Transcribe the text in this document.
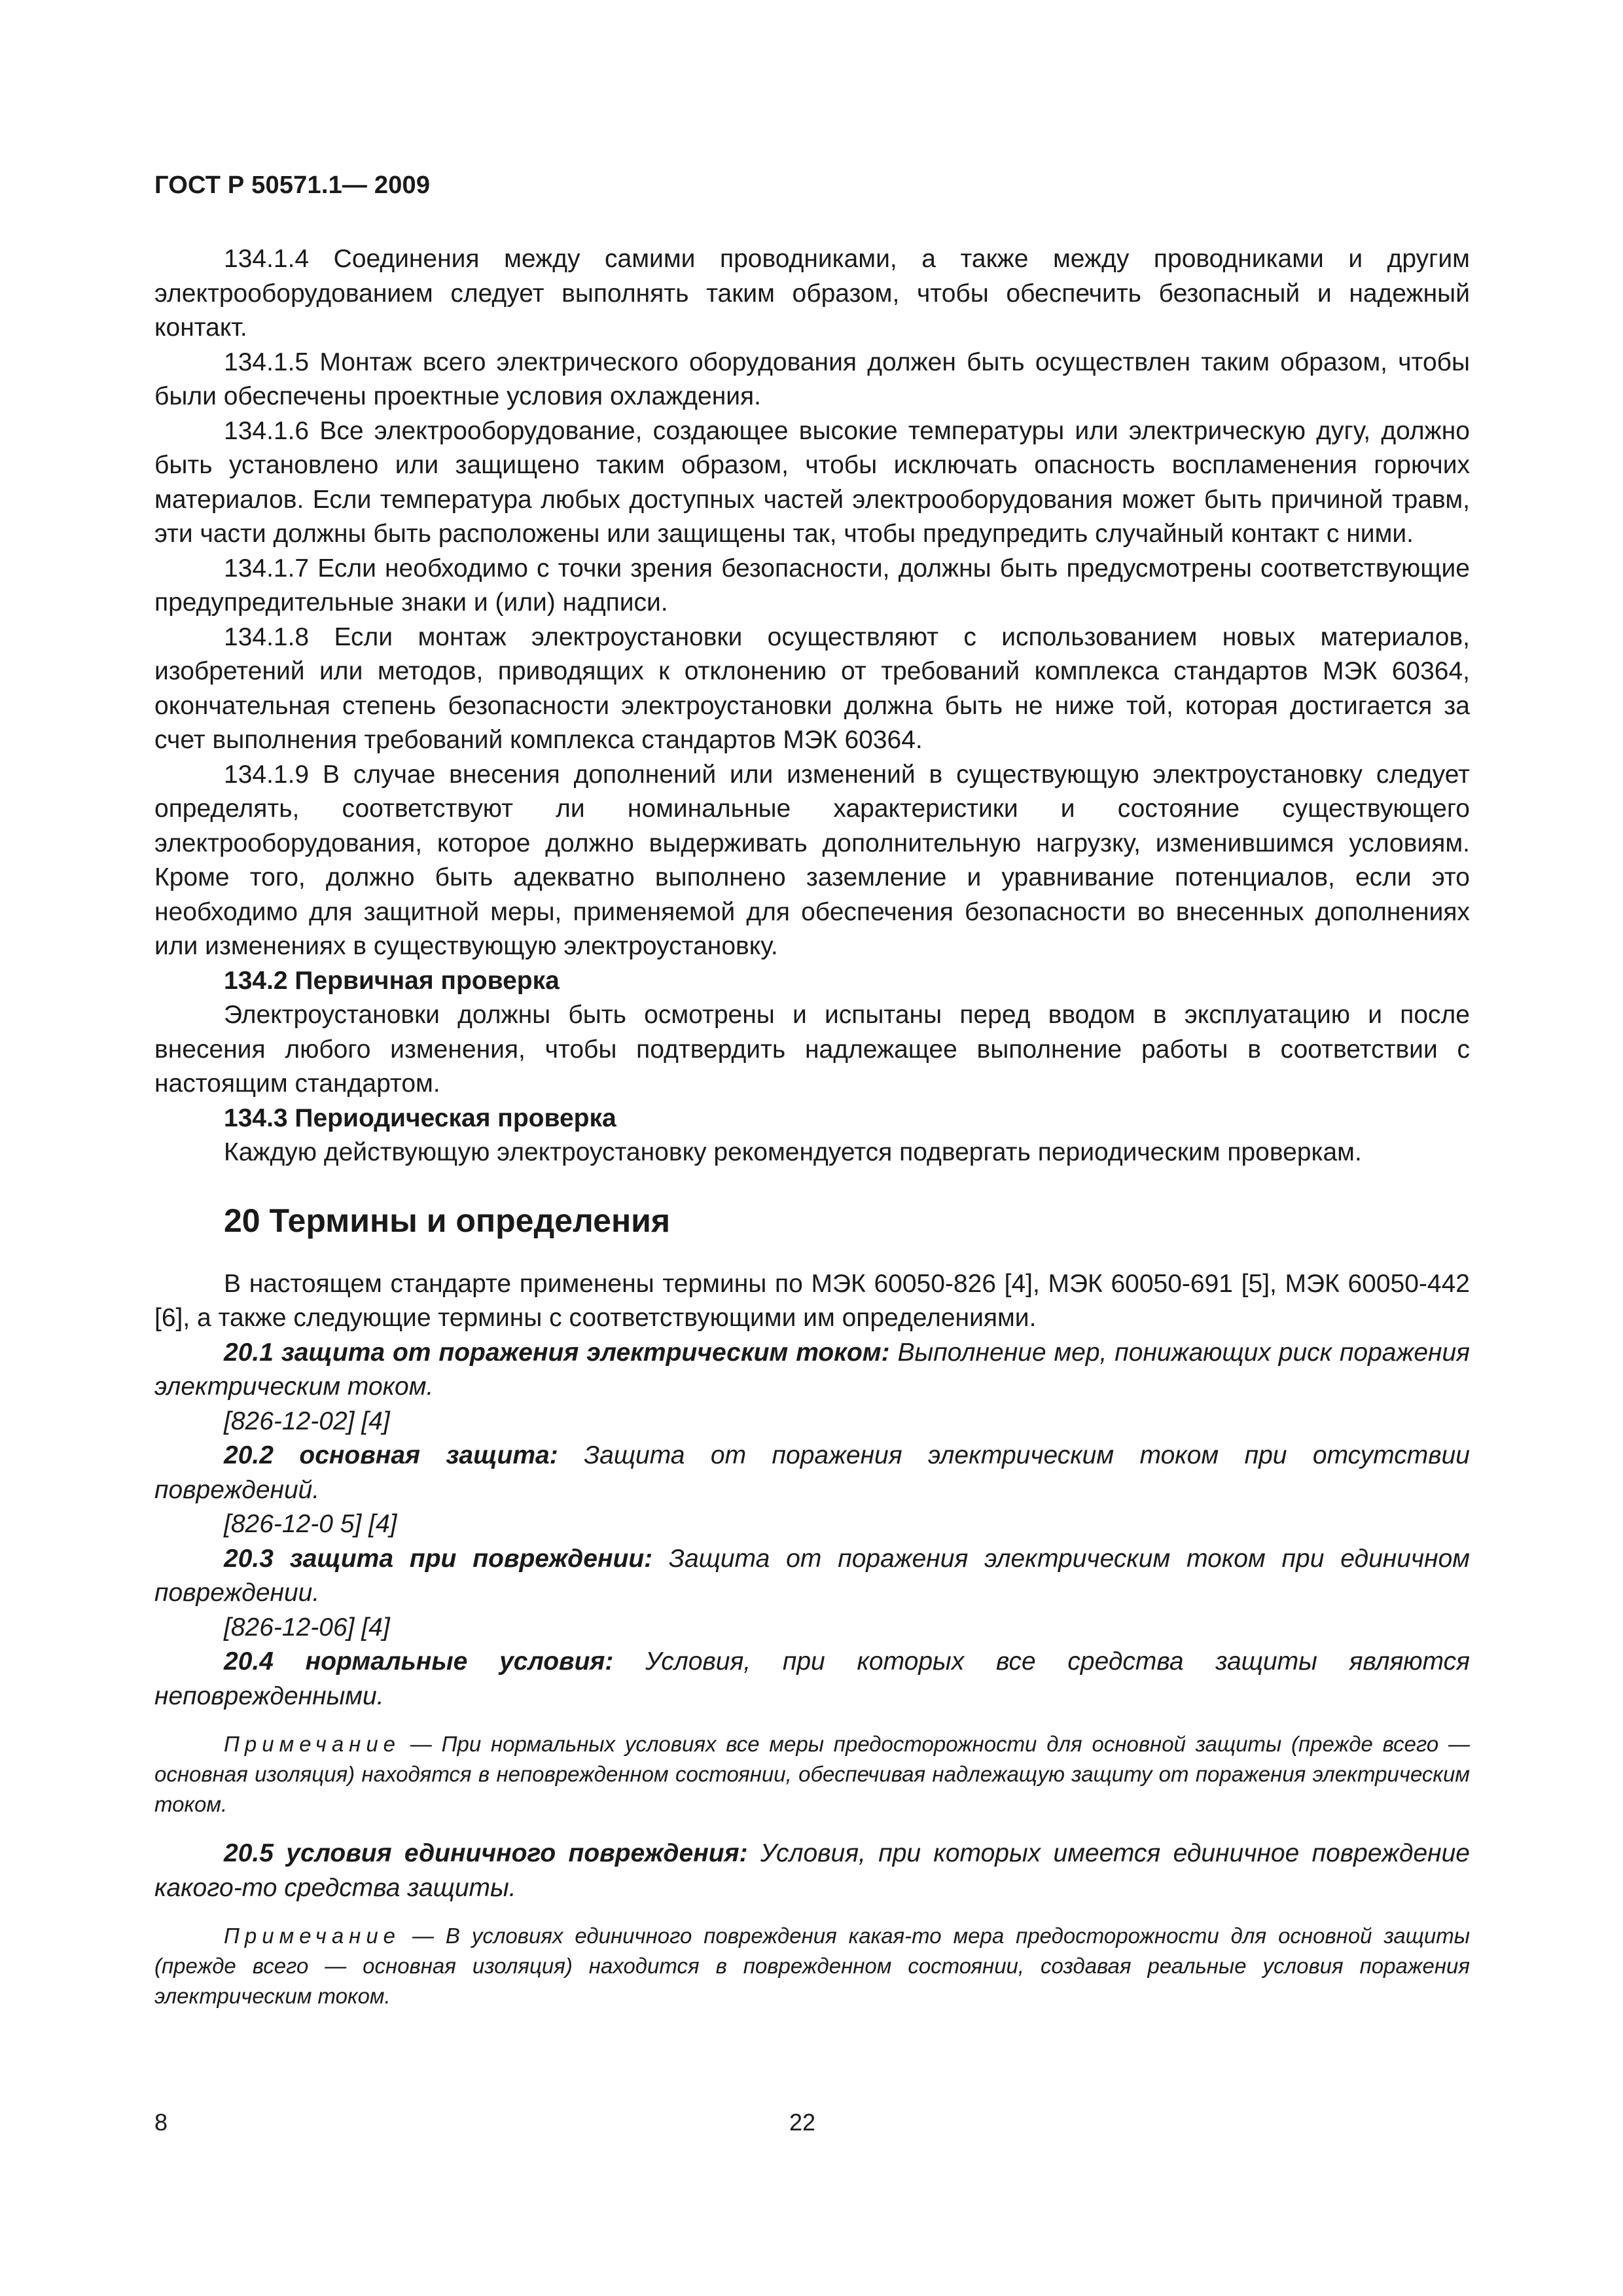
ГОСТ Р 50571.1— 2009

134.1.4 Соединения между самими проводниками, а также между проводниками и другим электрооборудованием следует выполнять таким образом, чтобы обеспечить безопасный и надежный контакт.

134.1.5 Монтаж всего электрического оборудования должен быть осуществлен таким образом, чтобы были обеспечены проектные условия охлаждения.

134.1.6 Все электрооборудование, создающее высокие температуры или электрическую дугу, должно быть установлено или защищено таким образом, чтобы исключать опасность воспламенения горючих материалов. Если температура любых доступных частей электрооборудования может быть причиной травм, эти части должны быть расположены или защищены так, чтобы предупредить случайный контакт с ними.

134.1.7 Если необходимо с точки зрения безопасности, должны быть предусмотрены соответствующие предупредительные знаки и (или) надписи.

134.1.8 Если монтаж электроустановки осуществляют с использованием новых материалов, изобретений или методов, приводящих к отклонению от требований комплекса стандартов МЭК 60364, окончательная степень безопасности электроустановки должна быть не ниже той, которая достигается за счет выполнения требований комплекса стандартов МЭК 60364.

134.1.9 В случае внесения дополнений или изменений в существующую электроустановку следует определять, соответствуют ли номинальные характеристики и состояние существующего электрооборудования, которое должно выдерживать дополнительную нагрузку, изменившимся условиям. Кроме того, должно быть адекватно выполнено заземление и уравнивание потенциалов, если это необходимо для защитной меры, применяемой для обеспечения безопасности во внесенных дополнениях или изменениях в существующую электроустановку.

134.2 Первичная проверка

Электроустановки должны быть осмотрены и испытаны перед вводом в эксплуатацию и после внесения любого изменения, чтобы подтвердить надлежащее выполнение работы в соответствии с настоящим стандартом.

134.3 Периодическая проверка

Каждую действующую электроустановку рекомендуется подвергать периодическим проверкам.

20 Термины и определения

В настоящем стандарте применены термины по МЭК 60050-826 [4], МЭК 60050-691 [5], МЭК 60050-442 [6], а также следующие термины с соответствующими им определениями.

20.1 защита от поражения электрическим током: Выполнение мер, понижающих риск поражения электрическим током.

[826-12-02] [4]

20.2 основная защита: Защита от поражения электрическим током при отсутствии повреждений.

[826-12-0 5] [4]

20.3 защита при повреждении: Защита от поражения электрическим током при единичном повреждении.

[826-12-06] [4]

20.4 нормальные условия: Условия, при которых все средства защиты являются неповрежденными.

Примечание — При нормальных условиях все меры предосторожности для основной защиты (прежде всего — основная изоляция) находятся в неповрежденном состоянии, обеспечивая надлежащую защиту от поражения электрическим током.

20.5 условия единичного повреждения: Условия, при которых имеется единичное повреждение какого-то средства защиты.

Примечание — В условиях единичного повреждения какая-то мера предосторожности для основной защиты (прежде всего — основная изоляция) находится в поврежденном состоянии, создавая реальные условия поражения электрическим током.

8	22
